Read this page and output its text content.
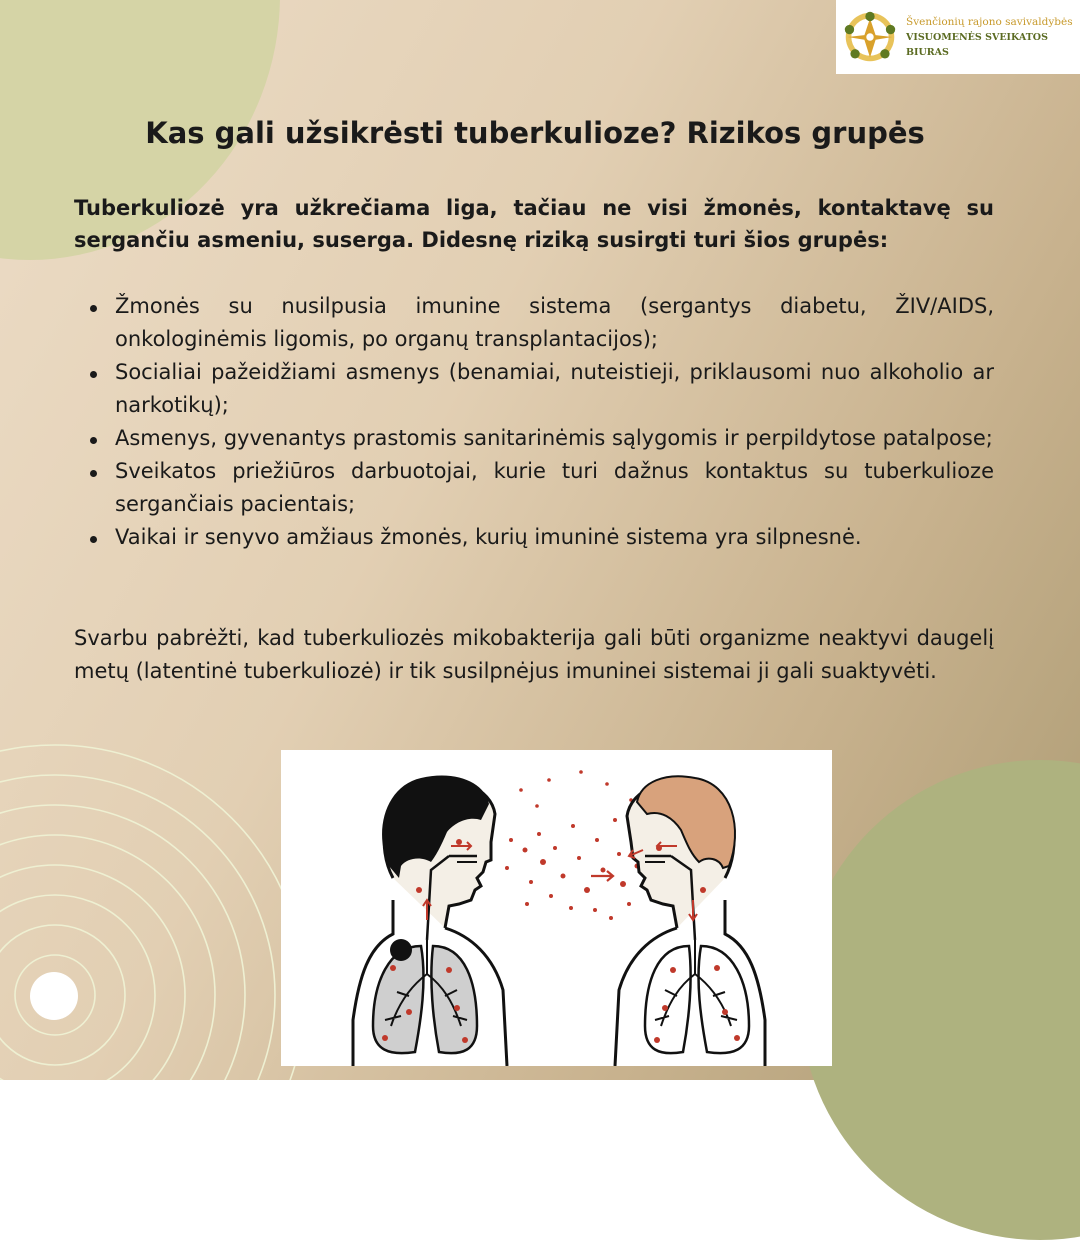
Švenčionių rajono savivaldybės
VISUOMENĖS SVEIKATOS BIURAS
Kas gali užsikrėsti tuberkulioze? Rizikos grupės

Tuberkuliozė yra užkrečiama liga, tačiau ne visi žmonės, kontaktavę su sergančiu asmeniu, suserga. Didesnę riziką susirgti turi šios grupės:

Žmonės su nusilpusia imunine sistema (sergantys diabetu, ŽIV/AIDS, onkologinėmis ligomis, po organų transplantacijos);
Socialiai pažeidžiami asmenys (benamiai, nuteistieji, priklausomi nuo alkoholio ar narkotikų);
Asmenys, gyvenantys prastomis sanitarinėmis sąlygomis ir perpildytose patalpose;
Sveikatos priežiūros darbuotojai, kurie turi dažnus kontaktus su tuberkulioze sergančiais pacientais;
Vaikai ir senyvo amžiaus žmonės, kurių imuninė sistema yra silpnesnė.

Svarbu pabrėžti, kad tuberkuliozės mikobakterija gali būti organizme neaktyvi daugelį metų (latentinė tuberkuliozė) ir tik susilpnėjus imuninei sistemai ji gali suaktyvėti.
